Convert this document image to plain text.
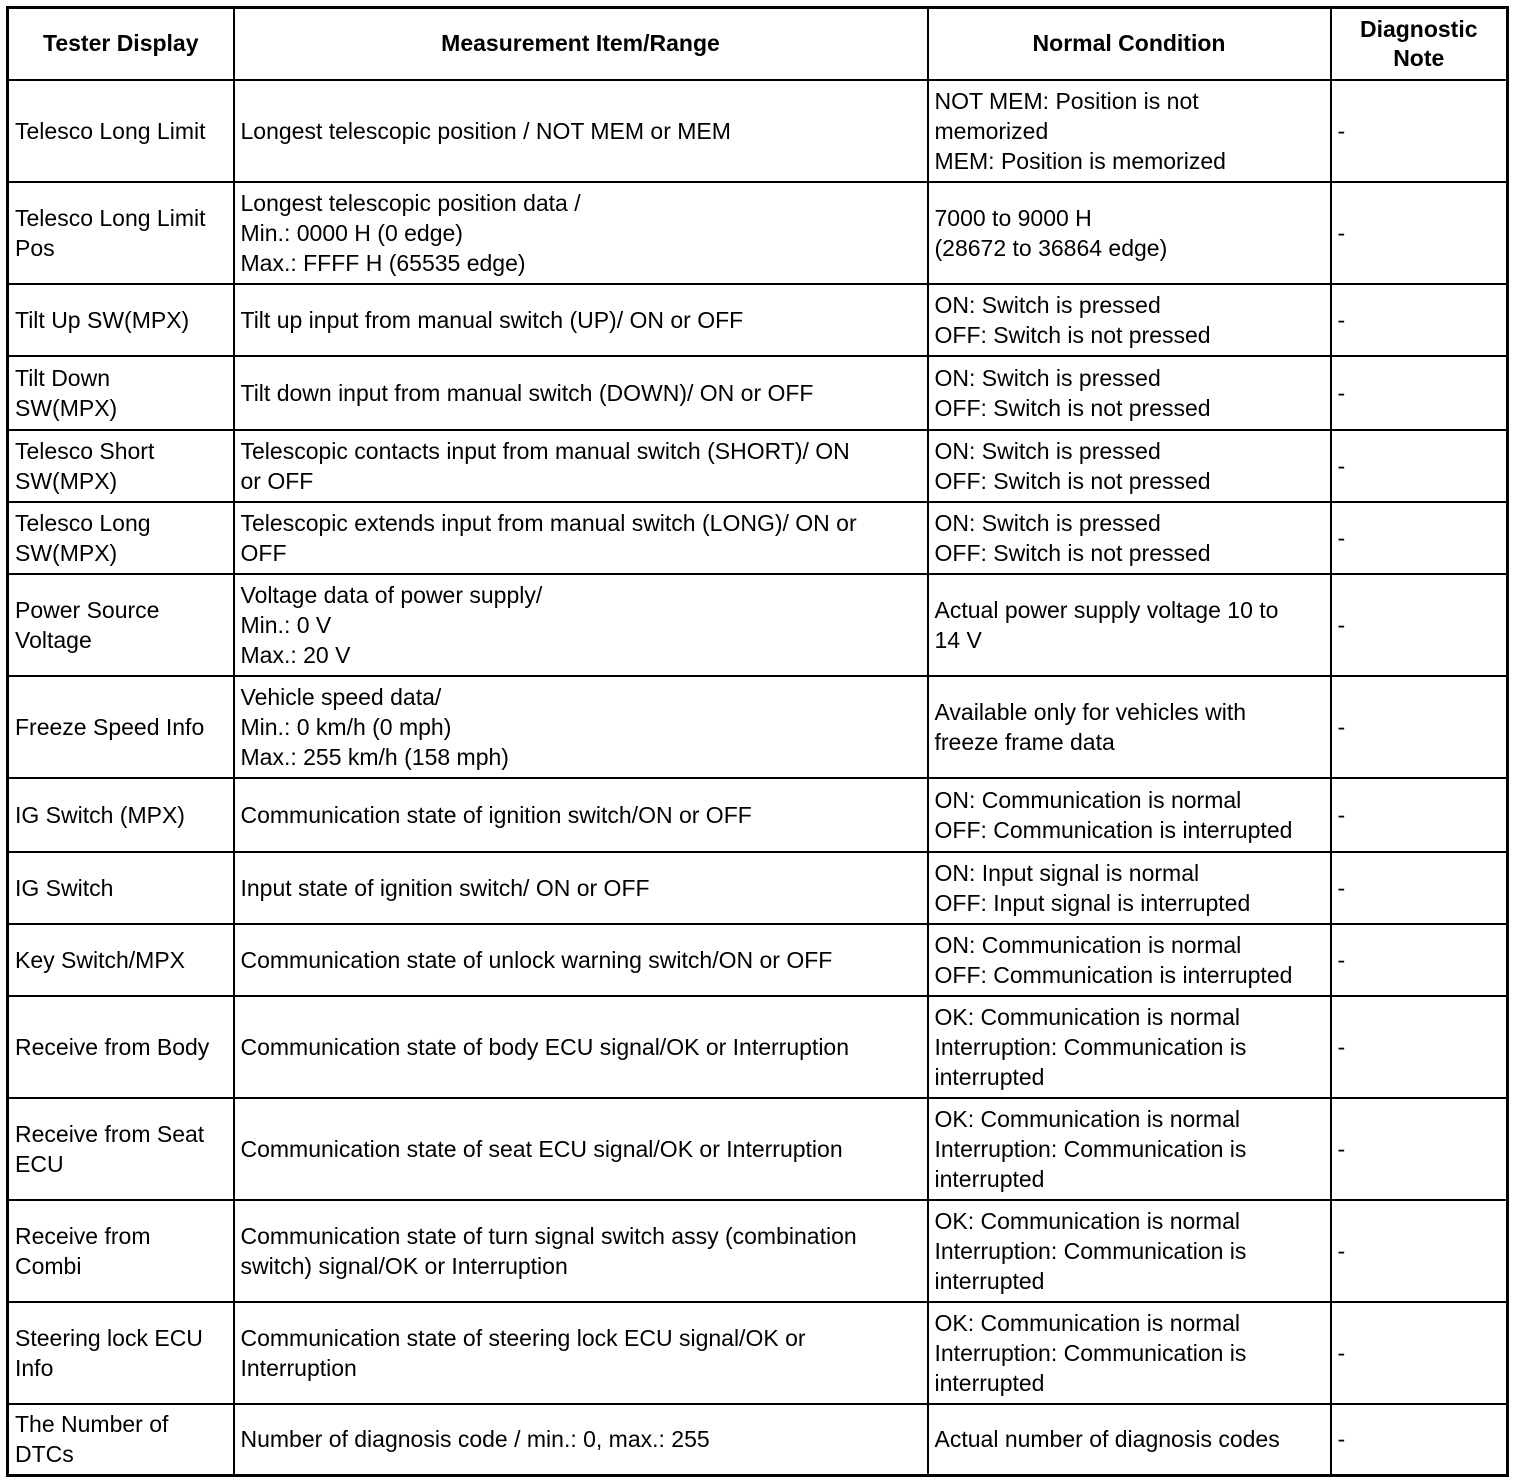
Tester Display	Measurement Item/Range	Normal Condition	Diagnostic
Note
Telesco Long Limit	Longest telescopic position / NOT MEM or MEM	NOT MEM: Position is not
memorized
MEM: Position is memorized	-
Telesco Long Limit
Pos	Longest telescopic position data /
Min.: 0000 H (0 edge)
Max.: FFFF H (65535 edge)	7000 to 9000 H
(28672 to 36864 edge)	-
Tilt Up SW(MPX)	Tilt up input from manual switch (UP)/ ON or OFF	ON: Switch is pressed
OFF: Switch is not pressed	-
Tilt Down
SW(MPX)	Tilt down input from manual switch (DOWN)/ ON or OFF	ON: Switch is pressed
OFF: Switch is not pressed	-
Telesco Short
SW(MPX)	Telescopic contacts input from manual switch (SHORT)/ ON
or OFF	ON: Switch is pressed
OFF: Switch is not pressed	-
Telesco Long
SW(MPX)	Telescopic extends input from manual switch (LONG)/ ON or
OFF	ON: Switch is pressed
OFF: Switch is not pressed	-
Power Source
Voltage	Voltage data of power supply/
Min.: 0 V
Max.: 20 V	Actual power supply voltage 10 to
14 V	-
Freeze Speed Info	Vehicle speed data/
Min.: 0 km/h (0 mph)
Max.: 255 km/h (158 mph)	Available only for vehicles with
freeze frame data	-
IG Switch (MPX)	Communication state of ignition switch/ON or OFF	ON: Communication is normal
OFF: Communication is interrupted	-
IG Switch	Input state of ignition switch/ ON or OFF	ON: Input signal is normal
OFF: Input signal is interrupted	-
Key Switch/MPX	Communication state of unlock warning switch/ON or OFF	ON: Communication is normal
OFF: Communication is interrupted	-
Receive from Body	Communication state of body ECU signal/OK or Interruption	OK: Communication is normal
Interruption: Communication is
interrupted	-
Receive from Seat
ECU	Communication state of seat ECU signal/OK or Interruption	OK: Communication is normal
Interruption: Communication is
interrupted	-
Receive from
Combi	Communication state of turn signal switch assy (combination
switch) signal/OK or Interruption	OK: Communication is normal
Interruption: Communication is
interrupted	-
Steering lock ECU
Info	Communication state of steering lock ECU signal/OK or
Interruption	OK: Communication is normal
Interruption: Communication is
interrupted	-
The Number of
DTCs	Number of diagnosis code / min.: 0, max.: 255	Actual number of diagnosis codes	-
